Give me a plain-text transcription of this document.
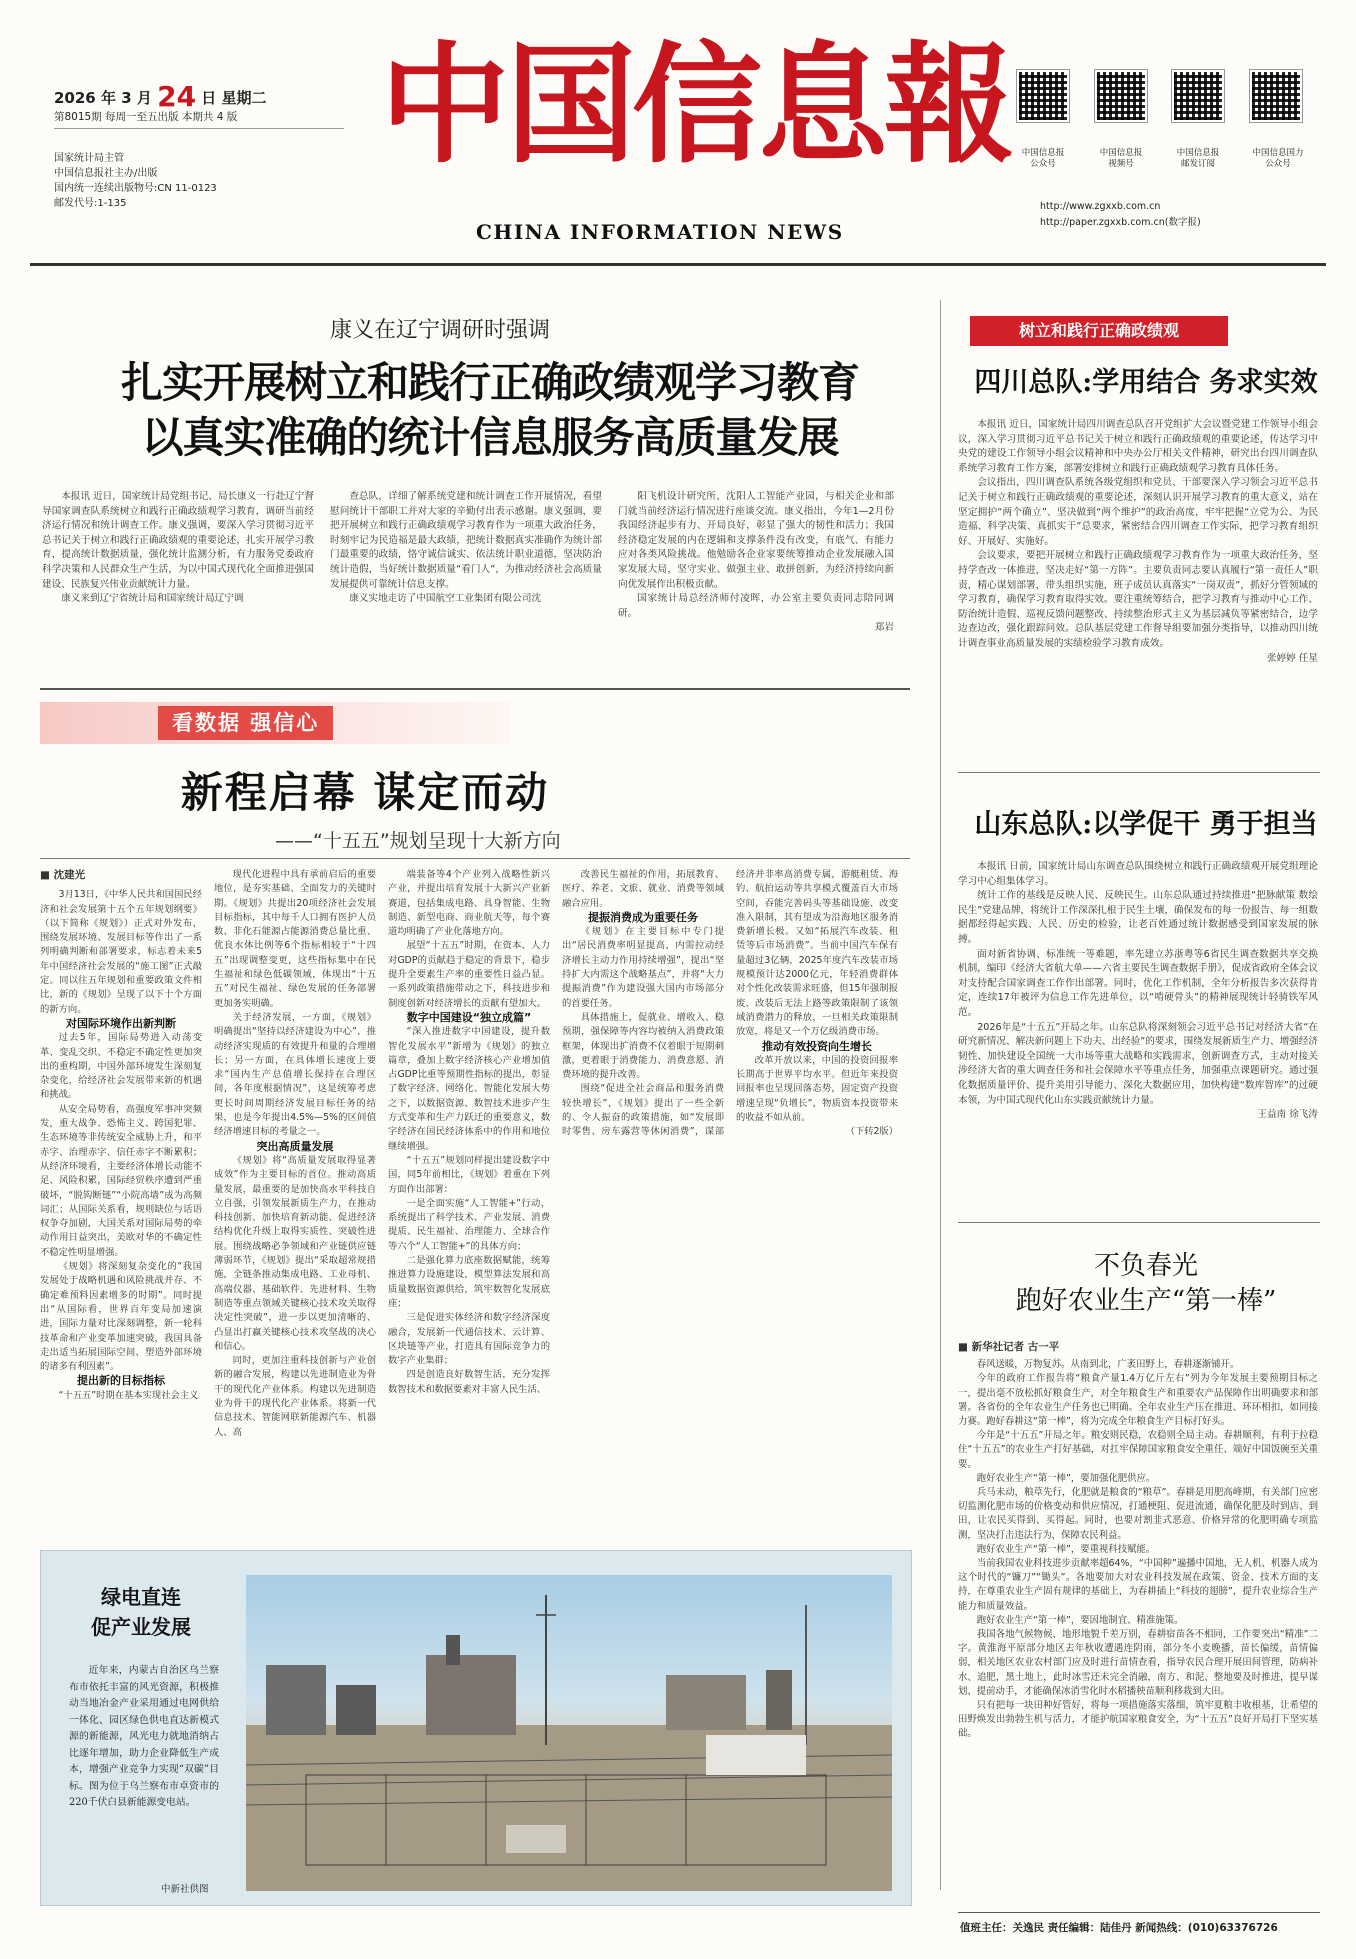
2026 年 3 月 24 日 星期二
第8015期 每周一至五出版 本期共 4 版
国家统计局主管
中国信息报社主办/出版
国内统一连续出版物号:CN 11-0123
邮发代号:1-135
中国信息報
CHINA INFORMATION NEWS
中国信息报
公众号
中国信息报
视频号
中国信息报
邮发订阅
中国信息国力
公众号
http://www.zgxxb.com.cn
http://paper.zgxxb.com.cn(数字报)
康义在辽宁调研时强调
扎实开展树立和践行正确政绩观学习教育
以真实准确的统计信息服务高质量发展

本报讯 近日，国家统计局党组书记、局长康义一行赴辽宁督导国家调查队系统树立和践行正确政绩观学习教育，调研当前经济运行情况和统计调查工作。康义强调，要深入学习贯彻习近平总书记关于树立和践行正确政绩观的重要论述，扎实开展学习教育，提高统计数据质量，强化统计监测分析，有力服务党委政府科学决策和人民群众生产生活，为以中国式现代化全面推进强国建设、民族复兴伟业贡献统计力量。

康义来到辽宁省统计局和国家统计局辽宁调

查总队，详细了解系统党建和统计调查工作开展情况，看望慰问统计干部职工并对大家的辛勤付出表示感谢。康义强调，要把开展树立和践行正确政绩观学习教育作为一项重大政治任务，时刻牢记为民造福是最大政绩，把统计数据真实准确作为统计部门最重要的政绩，恪守诚信诚实、依法统计职业道德，坚决防治统计造假，当好统计数据质量“看门人”，为推动经济社会高质量发展提供可靠统计信息支撑。

康义实地走访了中国航空工业集团有限公司沈

阳飞机设计研究所、沈阳人工智能产业园，与相关企业和部门就当前经济运行情况进行座谈交流。康义指出，今年1—2月份我国经济起步有力、开局良好，彰显了强大的韧性和活力；我国经济稳定发展的内在逻辑和支撑条件没有改变，有底气、有能力应对各类风险挑战。他勉励各企业家要统筹推动企业发展融入国家发展大局，坚守实业、做强主业、敢拼创新，为经济持续向新向优发展作出积极贡献。

国家统计局总经济师付凌晖，办公室主要负责同志陪同调研。

郑岩
树立和践行正确政绩观
四川总队:学用结合 务求实效

本报讯 近日，国家统计局四川调查总队召开党组扩大会议暨党建工作领导小组会议，深入学习贯彻习近平总书记关于树立和践行正确政绩观的重要论述，传达学习中央党的建设工作领导小组会议精神和中央办公厅相关文件精神，研究出台四川调查队系统学习教育工作方案，部署安排树立和践行正确政绩观学习教育具体任务。

会议指出，四川调查队系统各级党组织和党员、干部要深入学习领会习近平总书记关于树立和践行正确政绩观的重要论述，深刻认识开展学习教育的重大意义，站在坚定拥护“两个确立”、坚决做到“两个维护”的政治高度，牢牢把握“立党为公、为民造福、科学决策、真抓实干”总要求，紧密结合四川调查工作实际，把学习教育组织好、开展好、实施好。

会议要求，要把开展树立和践行正确政绩观学习教育作为一项重大政治任务，坚持学查改一体推进，坚决走好“第一方阵”。主要负责同志要认真履行“第一责任人”职责，精心谋划部署，带头组织实施，班子成员认真落实“一岗双责”，抓好分管领域的学习教育，确保学习教育取得实效。要注重统筹结合，把学习教育与推动中心工作、防治统计造假、巡视反馈问题整改、持续整治形式主义为基层减负等紧密结合，边学边查边改，强化跟踪问效。总队基层党建工作督导组要加强分类指导，以推动四川统计调查事业高质量发展的实绩检验学习教育成效。

张婷婷 任星
山东总队:以学促干 勇于担当

本报讯 日前，国家统计局山东调查总队围绕树立和践行正确政绩观开展党组理论学习中心组集体学习。

统计工作的基线是反映人民、反映民生。山东总队通过持续推进“把脉献策 数绘民生”党建品牌，将统计工作深深扎根于民生土壤，确保发布的每一份报告、每一组数据都经得起实践、人民、历史的检验，让老百姓通过统计数据感受到国家发展的脉搏。

面对新省协调、标准统一等难题，率先建立苏浙粤等6省民生调查数据共享交换机制，编印《经济大省航大单——六省主要民生调查数据手册》，促成省政府全体会议对支持配合国家调查工作作出部署。同时，优化工作机制，全年分析报告多次获得肯定，连续17年被评为信息工作先进单位，以“啃硬骨头”的精神展现统计轻骑铁军风范。

2026年是“十五五”开局之年。山东总队将深刻领会习近平总书记对经济大省“在研究新情况、解决新问题上下功夫、出经验”的要求，围绕发展新质生产力、增强经济韧性、加快建设全国统一大市场等重大战略和实践需求，创新调查方式，主动对接关涉经济大省的重大调查任务和社会保障水平等重点任务，加强重点课题研究。通过强化数据质量评价、提升美用引导能力、深化大数据应用，加快构建“数库智库”的过硬本领，为中国式现代化山东实践贡献统计力量。

王益南 徐飞涛
看数据 强信心
新程启幕 谋定而动
——“十五五”规划呈现十大新方向
■ 沈建光

3月13日，《中华人民共和国国民经济和社会发展第十五个五年规划纲要》（以下简称《规划》）正式对外发布，围绕发展环境、发展目标等作出了一系列明确判断和部署要求，标志着未来5年中国经济社会发展的“施工图”正式敲定。同以往五年规划和重要政策文件相比，新的《规划》呈现了以下十个方面的新方向。

对国际环境作出新判断

过去5年，国际局势进入动荡变革、变乱交织、不稳定不确定性更加突出的重构期，中国外部环境发生深刻复杂变化，给经济社会发展带来新的机遇和挑战。

从安全局势看，高强度军事冲突频发，重大战争、恐怖主义、跨国犯罪、生态环境等非传统安全威胁上升，和平赤字、治理赤字、信任赤字不断累积；从经济环境看，主要经济体增长动能不足、风险积累，国际经贸秩序遭到严重破坏，“脱钩断链”“小院高墙”成为高频词汇；从国际关系看，规则缺位与话语权争夺加剧，大国关系对国际局势的牵动作用日益突出，美欧对华的不确定性不稳定性明显增强。

《规划》将深刻复杂变化的“我国发展处于战略机遇和风险挑战并存、不确定难预料因素增多的时期”。同时提出“从国际看，世界百年变局加速演进，国际力量对比深刻调整，新一轮科技革命和产业变革加速突破，我国具备走出适当拓展国际空间、塑造外部环境的诸多有利因素”。

提出新的目标指标

“十五五”时期在基本实现社会主义

现代化进程中具有承前启后的重要地位，是夯实基础、全面发力的关键时期。《规划》共提出20项经济社会发展目标指标，其中每千人口拥有医护人员数、非化石能源占能源消费总量比重、优良水体比例等6个指标相较于“十四五”出现调整变更，这些指标集中在民生福祉和绿色低碳领域，体现出“十五五”对民生福祉、绿色发展的任务部署更加务实明确。

关于经济发展，一方面，《规划》明确提出“坚持以经济建设为中心”，推动经济实现质的有效提升和量的合理增长；另一方面，在具体增长速度上要求“国内生产总值增长保持在合理区间，各年度根据情况”，这是统筹考虑更长时间周期经济发展目标任务的结果，也是今年提出4.5%—5%的区间值经济增速目标的考量之一。

突出高质量发展

《规划》将“高质量发展取得显著成效”作为主要目标的首位。推动高质量发展，最重要的是加快高水平科技自立自强，引领发展新质生产力，在推动科技创新、加快培育新动能、促进经济结构优化升级上取得实质性、突破性进展。围绕战略必争领域和产业链供应链薄弱环节，《规划》提出“采取超常规措施，全链条推动集成电路、工业母机、高端仪器、基础软件、先进材料、生物制造等重点领域关键核心技术攻关取得决定性突破”，进一步以更加清晰的、凸显出打赢关键核心技术攻坚战的决心和信心。

同时，更加注重科技创新与产业创新的融合发展，构建以先进制造业为骨干的现代化产业体系。构建以先进制造业为骨干的现代化产业体系。将新一代信息技术、智能网联新能源汽车、机器人、高

端装备等4个产业列入战略性新兴产业，并提出培育发展十大新兴产业新赛道，包括集成电路、具身智能、生物制造、新型电商、商业航天等，每个赛道均明确了产业化落地方向。

展望“十五五”时期，在资本、人力对GDP的贡献趋于稳定的背景下，稳步提升全要素生产率的重要性日益凸显。一系列政策措施带动之下，科技进步和制度创新对经济增长的贡献有望加大。

数字中国建设“独立成篇”

“深入推进数字中国建设，提升数智化发展水平”新增为《规划》的独立篇章，叠加上数字经济核心产业增加值占GDP比重等预期性指标的提出，彰显了数字经济、网络化、智能化发展大势之下，以数据资源、数智技术进步产生方式变革和生产力跃迁的重要意义，数字经济在国民经济体系中的作用和地位继续增强。

“十五五”规划同样提出建设数字中国，同5年前相比，《规划》着重在下列方面作出部署：

一是全面实施“人工智能+”行动，系统提出了科学技术、产业发展、消费提质、民生福祉、治理能力、全球合作等六个“人工智能+”的具体方向；

二是强化算力底座数据赋能，统筹推进算力设施建设，模型算法发展和高质量数据资源供给，筑牢数智化发展底座；

三是促进实体经济和数字经济深度融合，发展新一代通信技术、云计算、区块链等产业，打造具有国际竞争力的数字产业集群；

四是创造良好数智生活，充分发挥数智技术和数据要素对丰富人民生活、

改善民生福祉的作用，拓展教育、医疗、养老、文旅、就业、消费等领域融合应用。

提振消费成为重要任务

《规划》在主要目标中专门提出“居民消费率明显提高，内需拉动经济增长主动力作用持续增强”，提出“坚持扩大内需这个战略基点”，并将“大力提振消费”作为建设强大国内市场部分的首要任务。

具体措施上，促就业、增收入、稳预期，强保障等内容均被纳入消费政策框架，体现出扩消费不仅着眼于短期刺激，更着眼于消费能力、消费意愿、消费环境的提升改善。

围绕“促进全社会商品和服务消费较快增长”，《规划》提出了一些全新的、令人振奋的政策措施，如“发展即时零售、房车露营等休闲消费”，谋部经济并非率高消费专属，游艇租赁、海钓、航拍运动等共享模式覆盖百大市场空间，吞能完善码头等基础设施、改变准入限制，其有望成为沿海地区服务消费新增长极。又如“拓展汽车改装、租赁等后市场消费”。当前中国汽车保有量超过3亿辆，2025年度汽车改装市场规模预计达2000亿元，年轻消费群体对个性化改装需求旺盛，但15年强制报废、改装后无法上路等政策限制了该领域消费潜力的释放，一旦相关政策限制放宽，将是又一个万亿级消费市场。

推动有效投资向生增长

改革开放以来，中国的投资回报率长期高于世界平均水平。但近年来投资回报率也呈现回落态势，固定资产投资增速呈现“负增长”，物质资本投资带来的收益不如从前。

（下转2版）
绿电直连
促产业发展
近年来，内蒙古自治区乌兰察布市依托丰富的风光资源，积极推动当地冶金产业采用通过电网供给一体化、园区绿色供电直达新模式源的新能源，风光电力就地消纳占比逐年增加，助力企业降低生产成本，增强产业竞争力实现“双碳”目标。图为位于乌兰察布市卓资市的220千伏白县新能源变电站。
中新社供图
不负春光
跑好农业生产“第一棒”
■ 新华社记者 古一平

春风送暖，万物复苏。从南到北，广袤田野上，春耕逐渐铺开。

今年的政府工作报告将“粮食产量1.4万亿斤左右”列为今年发展主要预期目标之一，提出毫不放松抓好粮食生产，对全年粮食生产和重要农产品保障作出明确要求和部署。各省份的全年农业生产任务也已明确。全年农业生产压在推进、环环相扣，如同接力赛。跑好春耕这“第一棒”，将为完成全年粮食生产目标打好头。

今年是“十五五”开局之年。粮安则民稳，农稳则全局主动。春耕顺利，有利于拉稳住“十五五”的农业生产打好基础，对扛牢保障国家粮食安全重任、端好中国饭碗至关重要。

跑好农业生产“第一棒”，要加强化肥供应。

兵马未动，粮草先行，化肥就是粮食的“粮草”。春耕是用肥高峰期，有关部门应密切监测化肥市场的价格变动和供应情况，打通梗阻、促进流通，确保化肥及时到店、到田，让农民买得到、买得起。同时，也要对割韭式恶意、价格异常的化肥明确专项监测，坚决打击违法行为，保障农民利益。

跑好农业生产“第一棒”，要重视科技赋能。

当前我国农业科技进步贡献率超64%，“中国种”遍播中国地，无人机、机器人成为这个时代的“镰刀”“锄头”。各地要加大对农业科技发展在政策、资金、技术方面的支持，在尊重农业生产固有规律的基础上，为春耕插上“科技的翅膀”，提升农业综合生产能力和质量效益。

跑好农业生产“第一棒”，要因地制宜、精准施策。

我国各地气候物候、地形地貌千差万别，春耕宿苗各不相同，工作要突出“精准”二字。黄淮海平原部分地区去年秋收遭遇连阴雨，部分冬小麦晚播，苗长偏缓，苗情偏弱，相关地区农业农村部门应及时进行苗情查看，指导农民合理开展田间管理，防病补水、追肥，黑土地上，此时冰雪还未完全消融，南方、和泥、整地要及时推进，提早谋划、提前动手，才能确保冰消雪化时水稻播秧苗顺利移栽到大田。

只有把每一块田种好管好，将每一项措施落实落细，筑牢夏粮丰收根基，让希望的田野焕发出勃勃生机与活力，才能护航国家粮食安全，为“十五五”良好开局打下坚实基础。

值班主任：关逸民 责任编辑：陆佳丹 新闻热线：(010)63376726
